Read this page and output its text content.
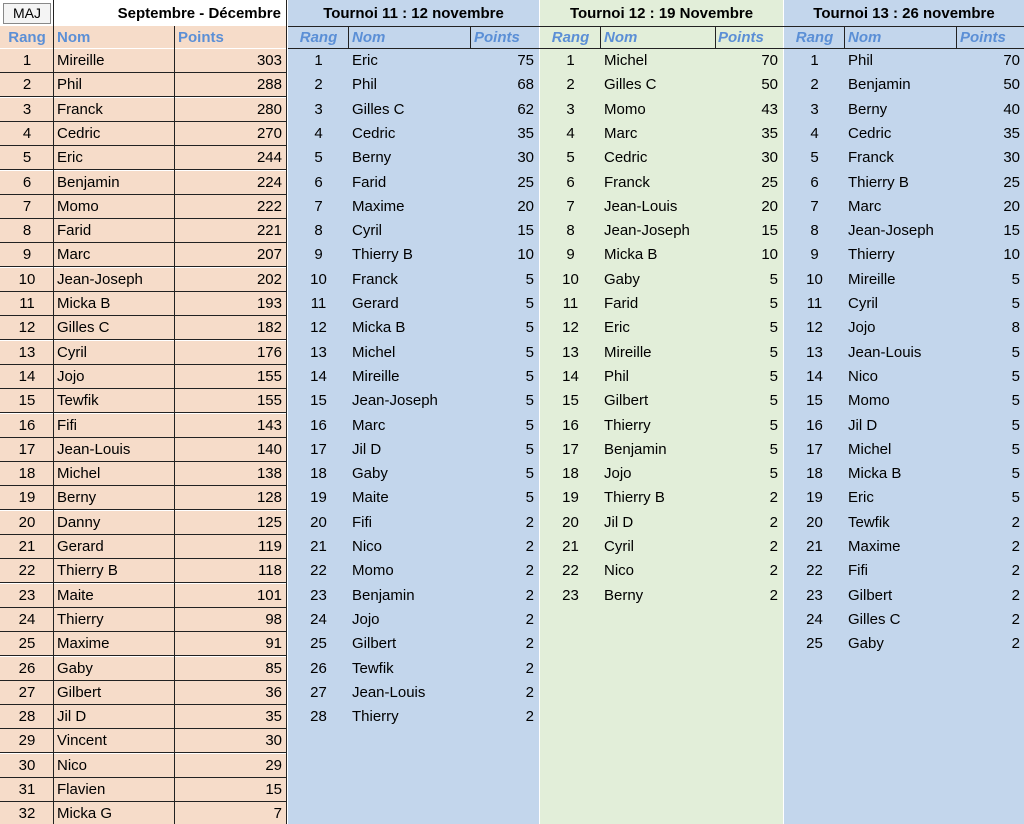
MAJ	Septembre - Décembre
Rang Nom	Points
1	Mireille	303
2	Phil	288
3	Franck	280
4	Cedric	270
5	Eric	244
6	Benjamin	224
7	Momo	222
8	Farid	221
9	Marc	207
10	Jean-Joseph	202
11	Micka B	193
12	Gilles C	182
13	Cyril	176
14	Jojo	155
15	Tewfik	155
16	Fifi	143
17	Jean-Louis	140
18	Michel	138
19	Berny	128
20	Danny	125
21	Gerard	119
22	Thierry B	118
23	Maite	101
24	Thierry	98
25	Maxime	91
26	Gaby	85
27	Gilbert	36
28	Jil D	35
29	Vincent	30
30	Nico	29
31	Flavien	15
32	Micka G	7
Tournoi 11 : 12 novembre
Rang Nom	Points
1	Eric	75
2	Phil	68
3	Gilles C	62
4	Cedric	35
5	Berny	30
6	Farid	25
7	Maxime	20
8	Cyril	15
9	Thierry B	10
10	Franck	5
11	Gerard	5
12	Micka B	5
13	Michel	5
14	Mireille	5
15	Jean-Joseph	5
16	Marc	5
17	Jil D	5
18	Gaby	5
19	Maite	5
20	Fifi	2
21	Nico	2
22	Momo	2
23	Benjamin	2
24	Jojo	2
25	Gilbert	2
26	Tewfik	2
27	Jean-Louis	2
28	Thierry	2
Tournoi 12 : 19 Novembre
Rang Nom	Points
1	Michel	70
2	Gilles C	50
3	Momo	43
4	Marc	35
5	Cedric	30
6	Franck	25
7	Jean-Louis	20
8	Jean-Joseph	15
9	Micka B	10
10	Gaby	5
11	Farid	5
12	Eric	5
13	Mireille	5
14	Phil	5
15	Gilbert	5
16	Thierry	5
17	Benjamin	5
18	Jojo	5
19	Thierry B	2
20	Jil D	2
21	Cyril	2
22	Nico	2
23	Berny	2
Tournoi 13 : 26 novembre
Rang Nom	Points
1	Phil	70
2	Benjamin	50
3	Berny	40
4	Cedric	35
5	Franck	30
6	Thierry B	25
7	Marc	20
8	Jean-Joseph	15
9	Thierry	10
10	Mireille	5
11	Cyril	5
12	Jojo	8
13	Jean-Louis	5
14	Nico	5
15	Momo	5
16	Jil D	5
17	Michel	5
18	Micka B	5
19	Eric	5
20	Tewfik	2
21	Maxime	2
22	Fifi	2
23	Gilbert	2
24	Gilles C	2
25	Gaby	2
